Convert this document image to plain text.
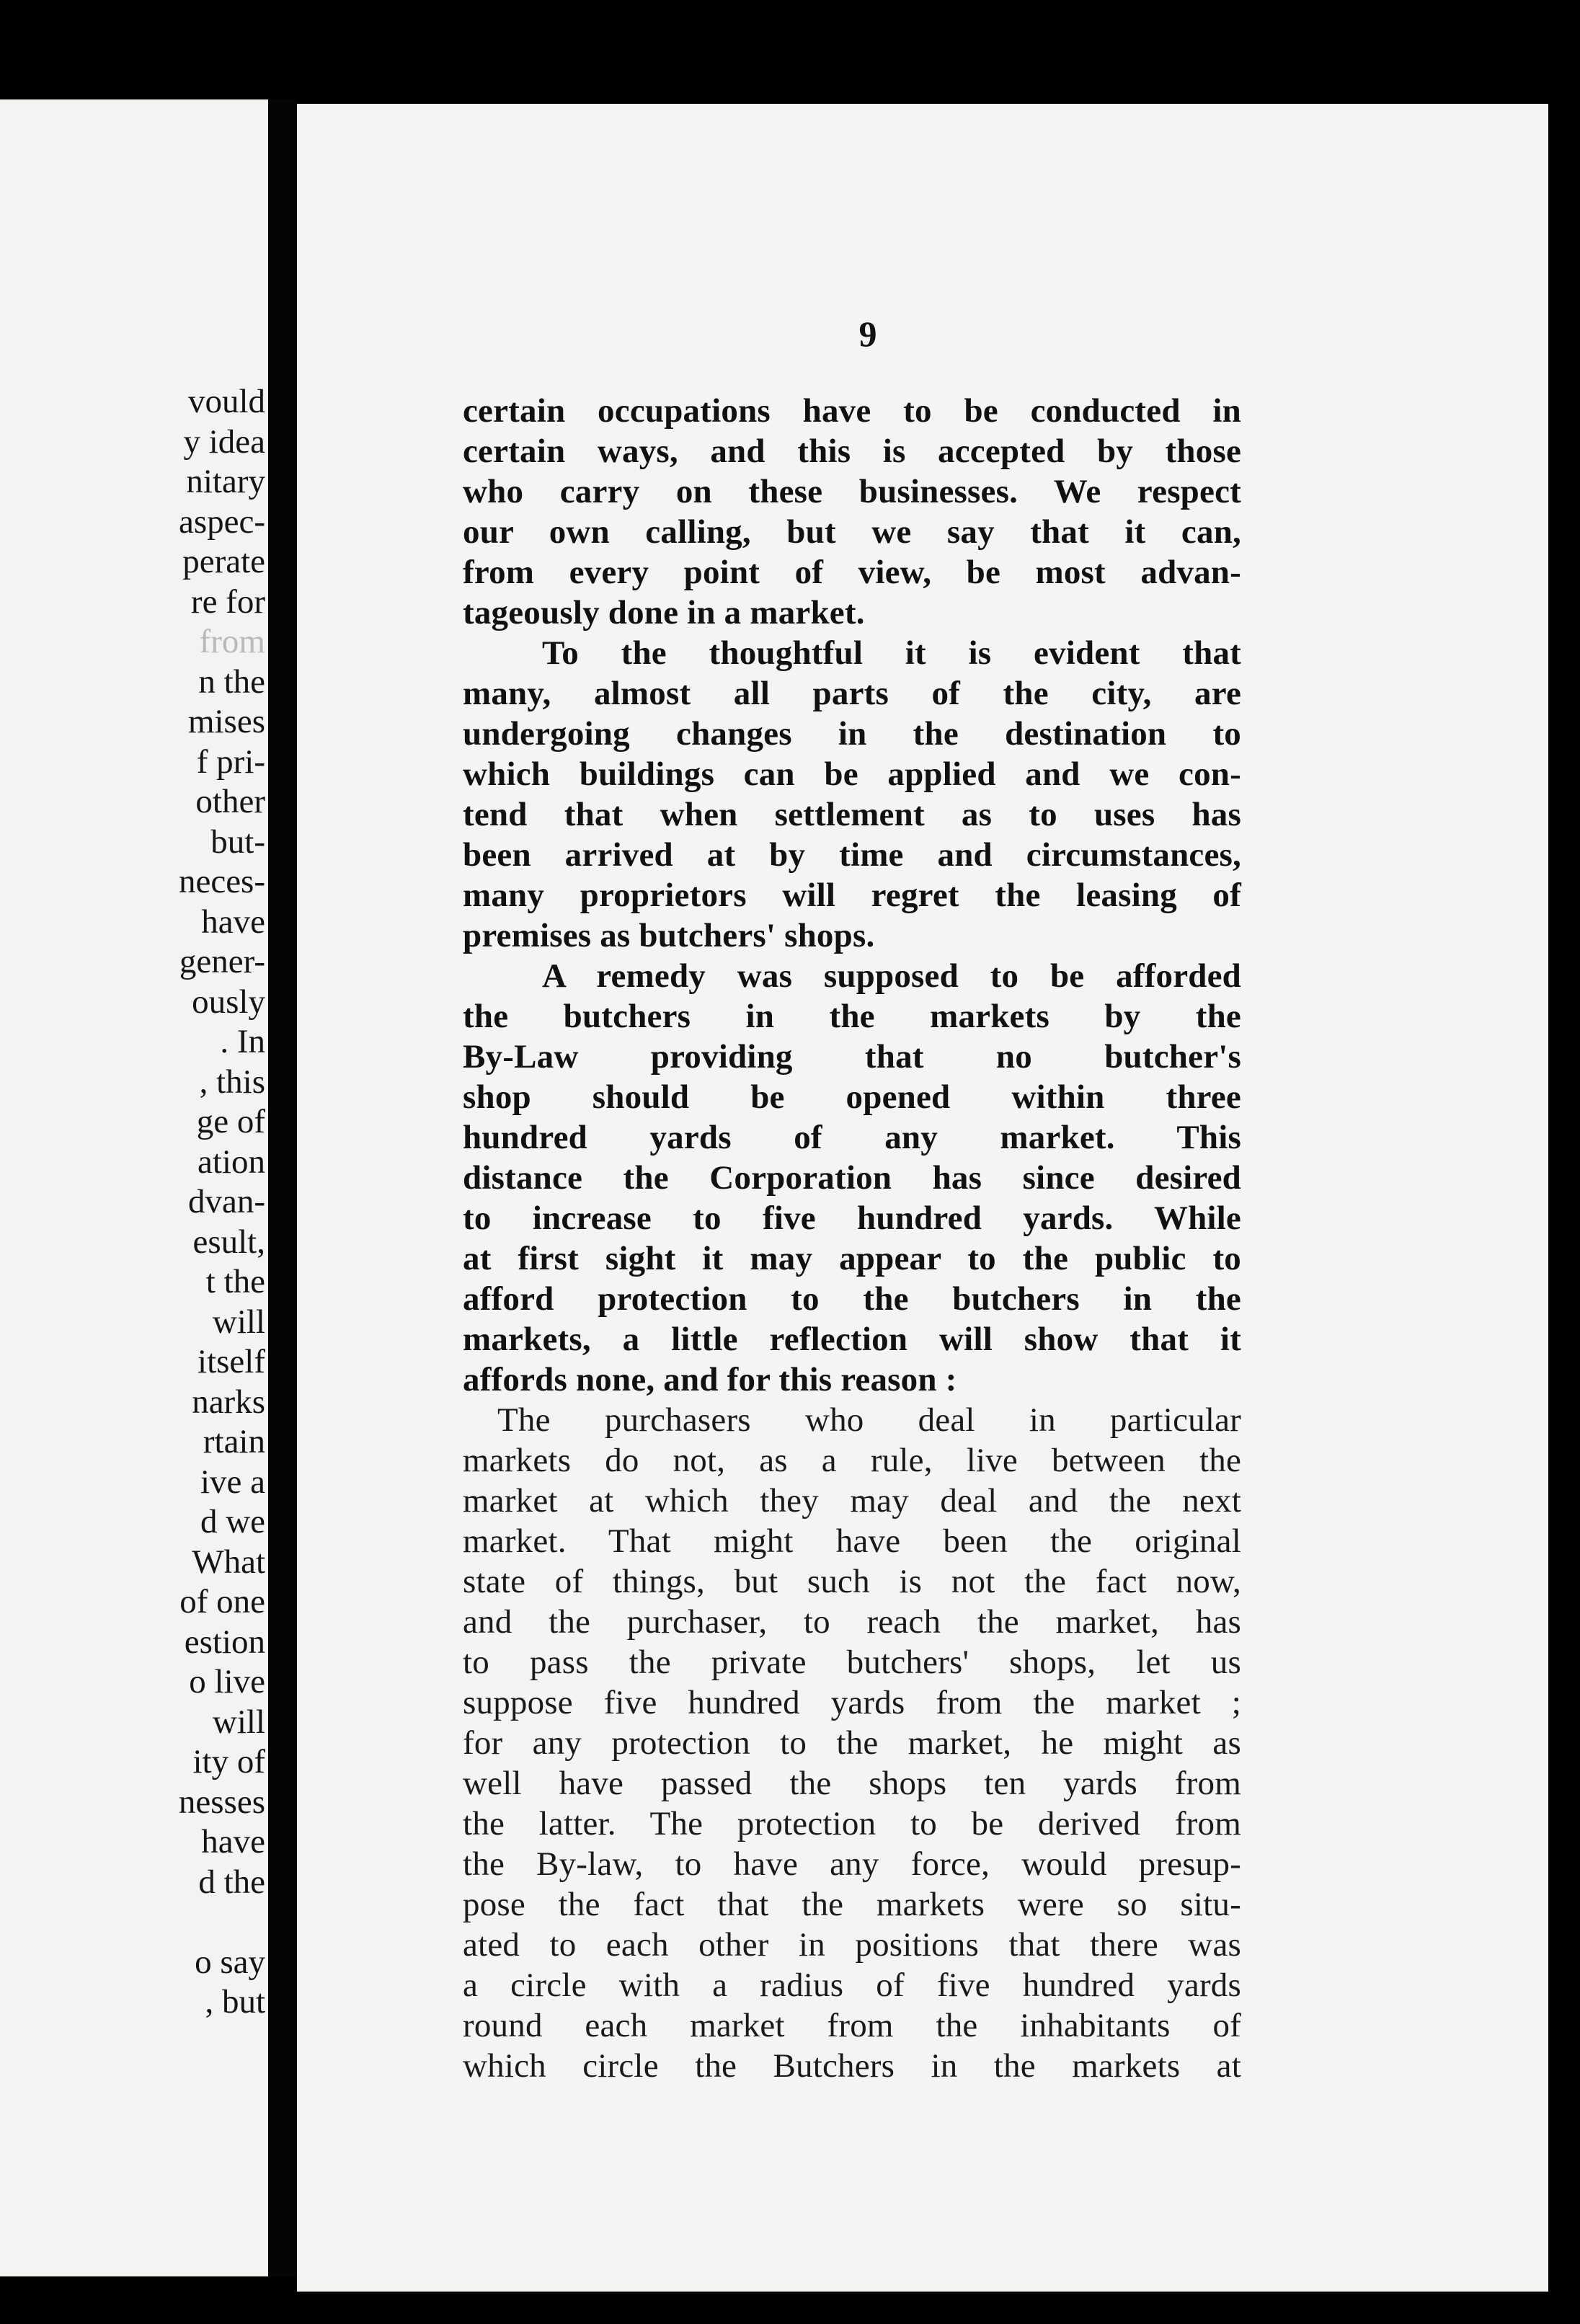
vould
y idea
nitary
aspec-
perate
re for
from
n the
mises
f pri-
other
but-
neces-
have
gener-
ously
. In
, this
ge of
ation
dvan-
esult,
t the
will
itself
narks
rtain
ive a
d we
What
of one
estion
o live
will
ity of
nesses
have
d the
o say
, but
9
certain occupations have to be conducted in
certain ways, and this is accepted by those
who carry on these businesses. We respect
our own calling, but we say that it can,
from every point of view, be most advan-
tageously done in a market.
To the thoughtful it is evident that
many, almost all parts of the city, are
undergoing changes in the destination to
which buildings can be applied and we con-
tend that when settlement as to uses has
been arrived at by time and circumstances,
many proprietors will regret the leasing of
premises as butchers' shops.
A remedy was supposed to be afforded
the butchers in the markets by the
By-Law providing that no butcher's
shop should be opened within three
hundred yards of any market. This
distance the Corporation has since desired
to increase to five hundred yards. While
at first sight it may appear to the public to
afford protection to the butchers in the
markets, a little reflection will show that it
affords none, and for this reason :
The purchasers who deal in particular
markets do not, as a rule, live between the
market at which they may deal and the next
market. That might have been the original
state of things, but such is not the fact now,
and the purchaser, to reach the market, has
to pass the private butchers' shops, let us
suppose five hundred yards from the market ;
for any protection to the market, he might as
well have passed the shops ten yards from
the latter. The protection to be derived from
the By-law, to have any force, would presup-
pose the fact that the markets were so situ-
ated to each other in positions that there was
a circle with a radius of five hundred yards
round each market from the inhabitants of
which circle the Butchers in the markets at
